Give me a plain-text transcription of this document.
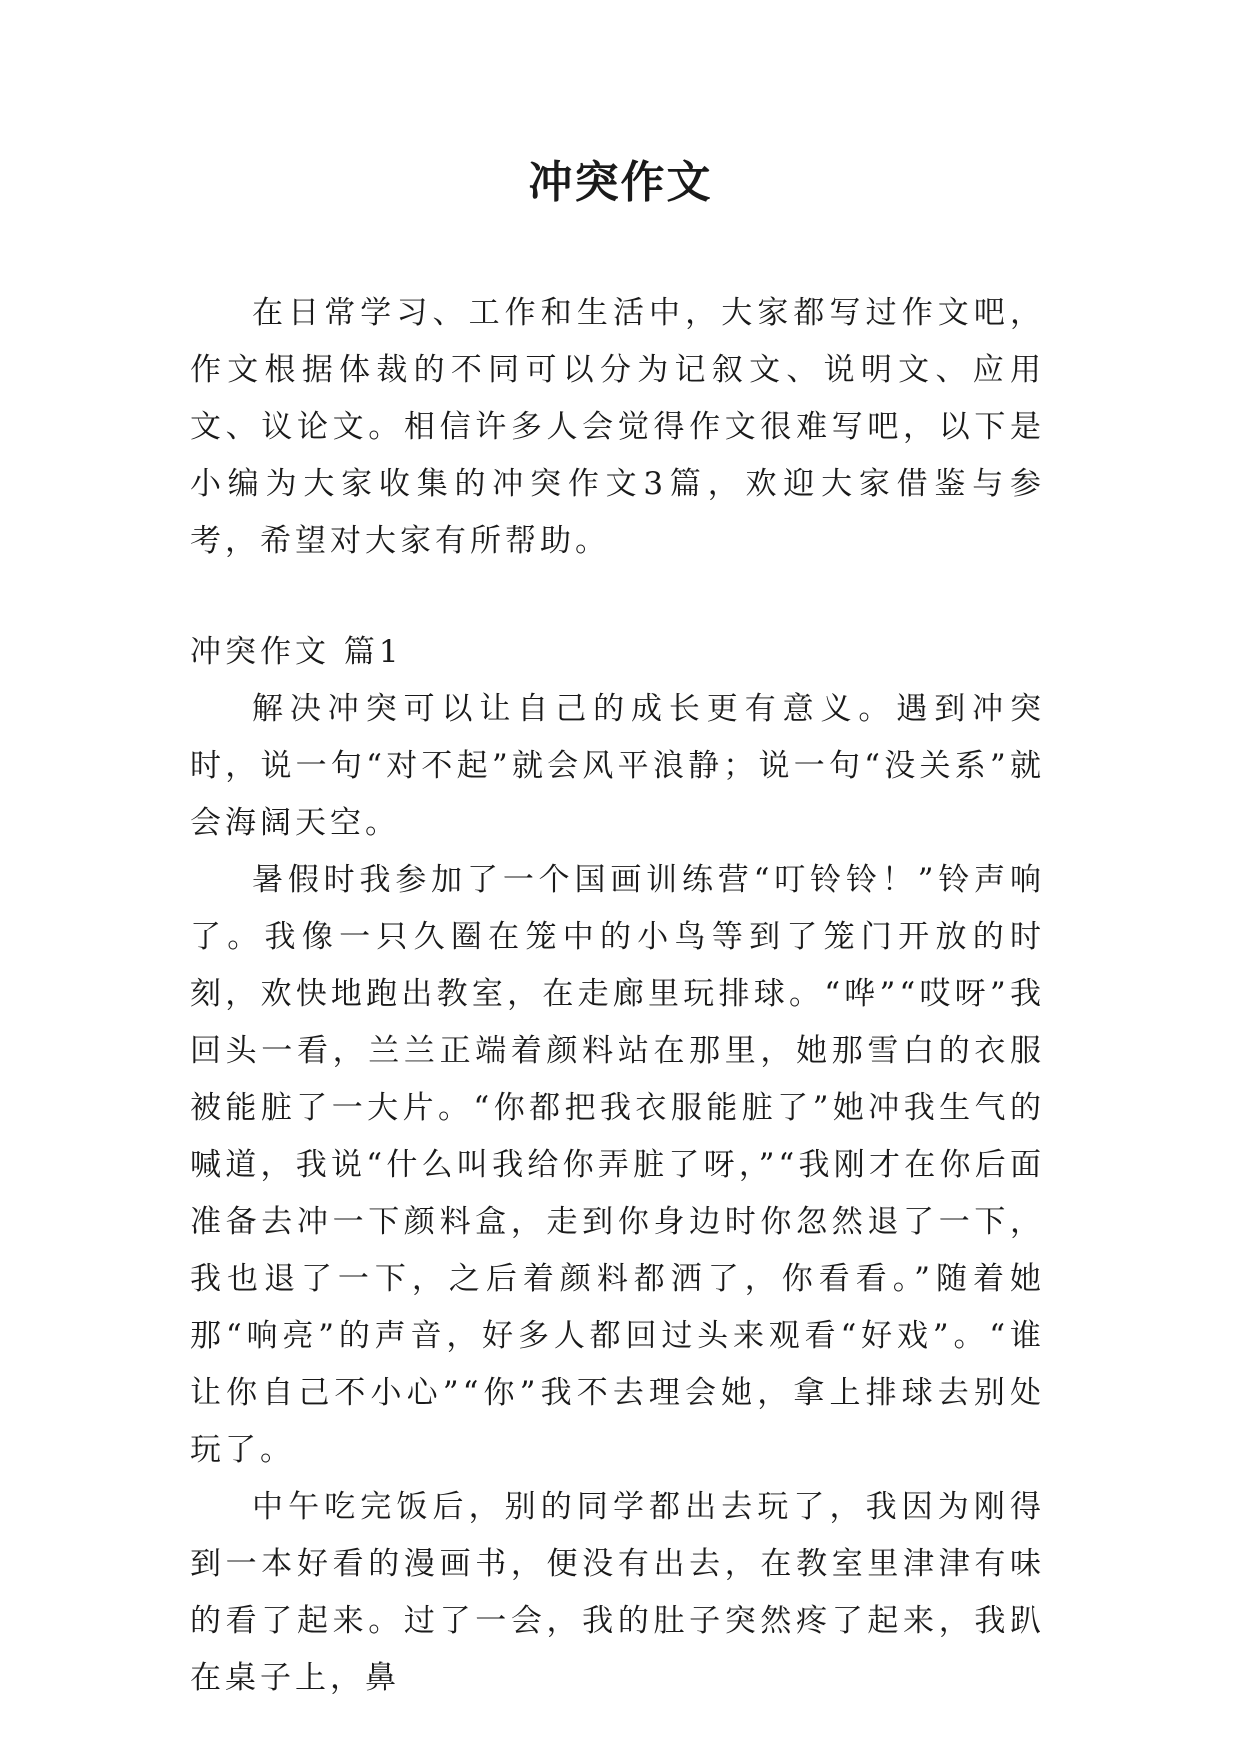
冲突作文

在日常学习、工作和生活中，大家都写过作文吧，作文根据体裁的不同可以分为记叙文、说明文、应用文、议论文。相信许多人会觉得作文很难写吧，以下是小编为大家收集的冲突作文3篇，欢迎大家借鉴与参考，希望对大家有所帮助。

冲突作文 篇1

解决冲突可以让自己的成长更有意义。遇到冲突时，说一句“对不起”就会风平浪静；说一句“没关系”就会海阔天空。

暑假时我参加了一个国画训练营“叮铃铃！”铃声响了。我像一只久圈在笼中的小鸟等到了笼门开放的时刻，欢快地跑出教室，在走廊里玩排球。“哗”“哎呀”我回头一看，兰兰正端着颜料站在那里，她那雪白的衣服被能脏了一大片。“你都把我衣服能脏了”她冲我生气的喊道，我说“什么叫我给你弄脏了呀，”“我刚才在你后面准备去冲一下颜料盒，走到你身边时你忽然退了一下，我也退了一下，之后着颜料都洒了，你看看。”随着她那“响亮”的声音，好多人都回过头来观看“好戏”。“谁让你自己不小心”“你”我不去理会她，拿上排球去别处玩了。

中午吃完饭后，别的同学都出去玩了，我因为刚得到一本好看的漫画书，便没有出去，在教室里津津有味的看了起来。过了一会，我的肚子突然疼了起来，我趴在桌子上，鼻
